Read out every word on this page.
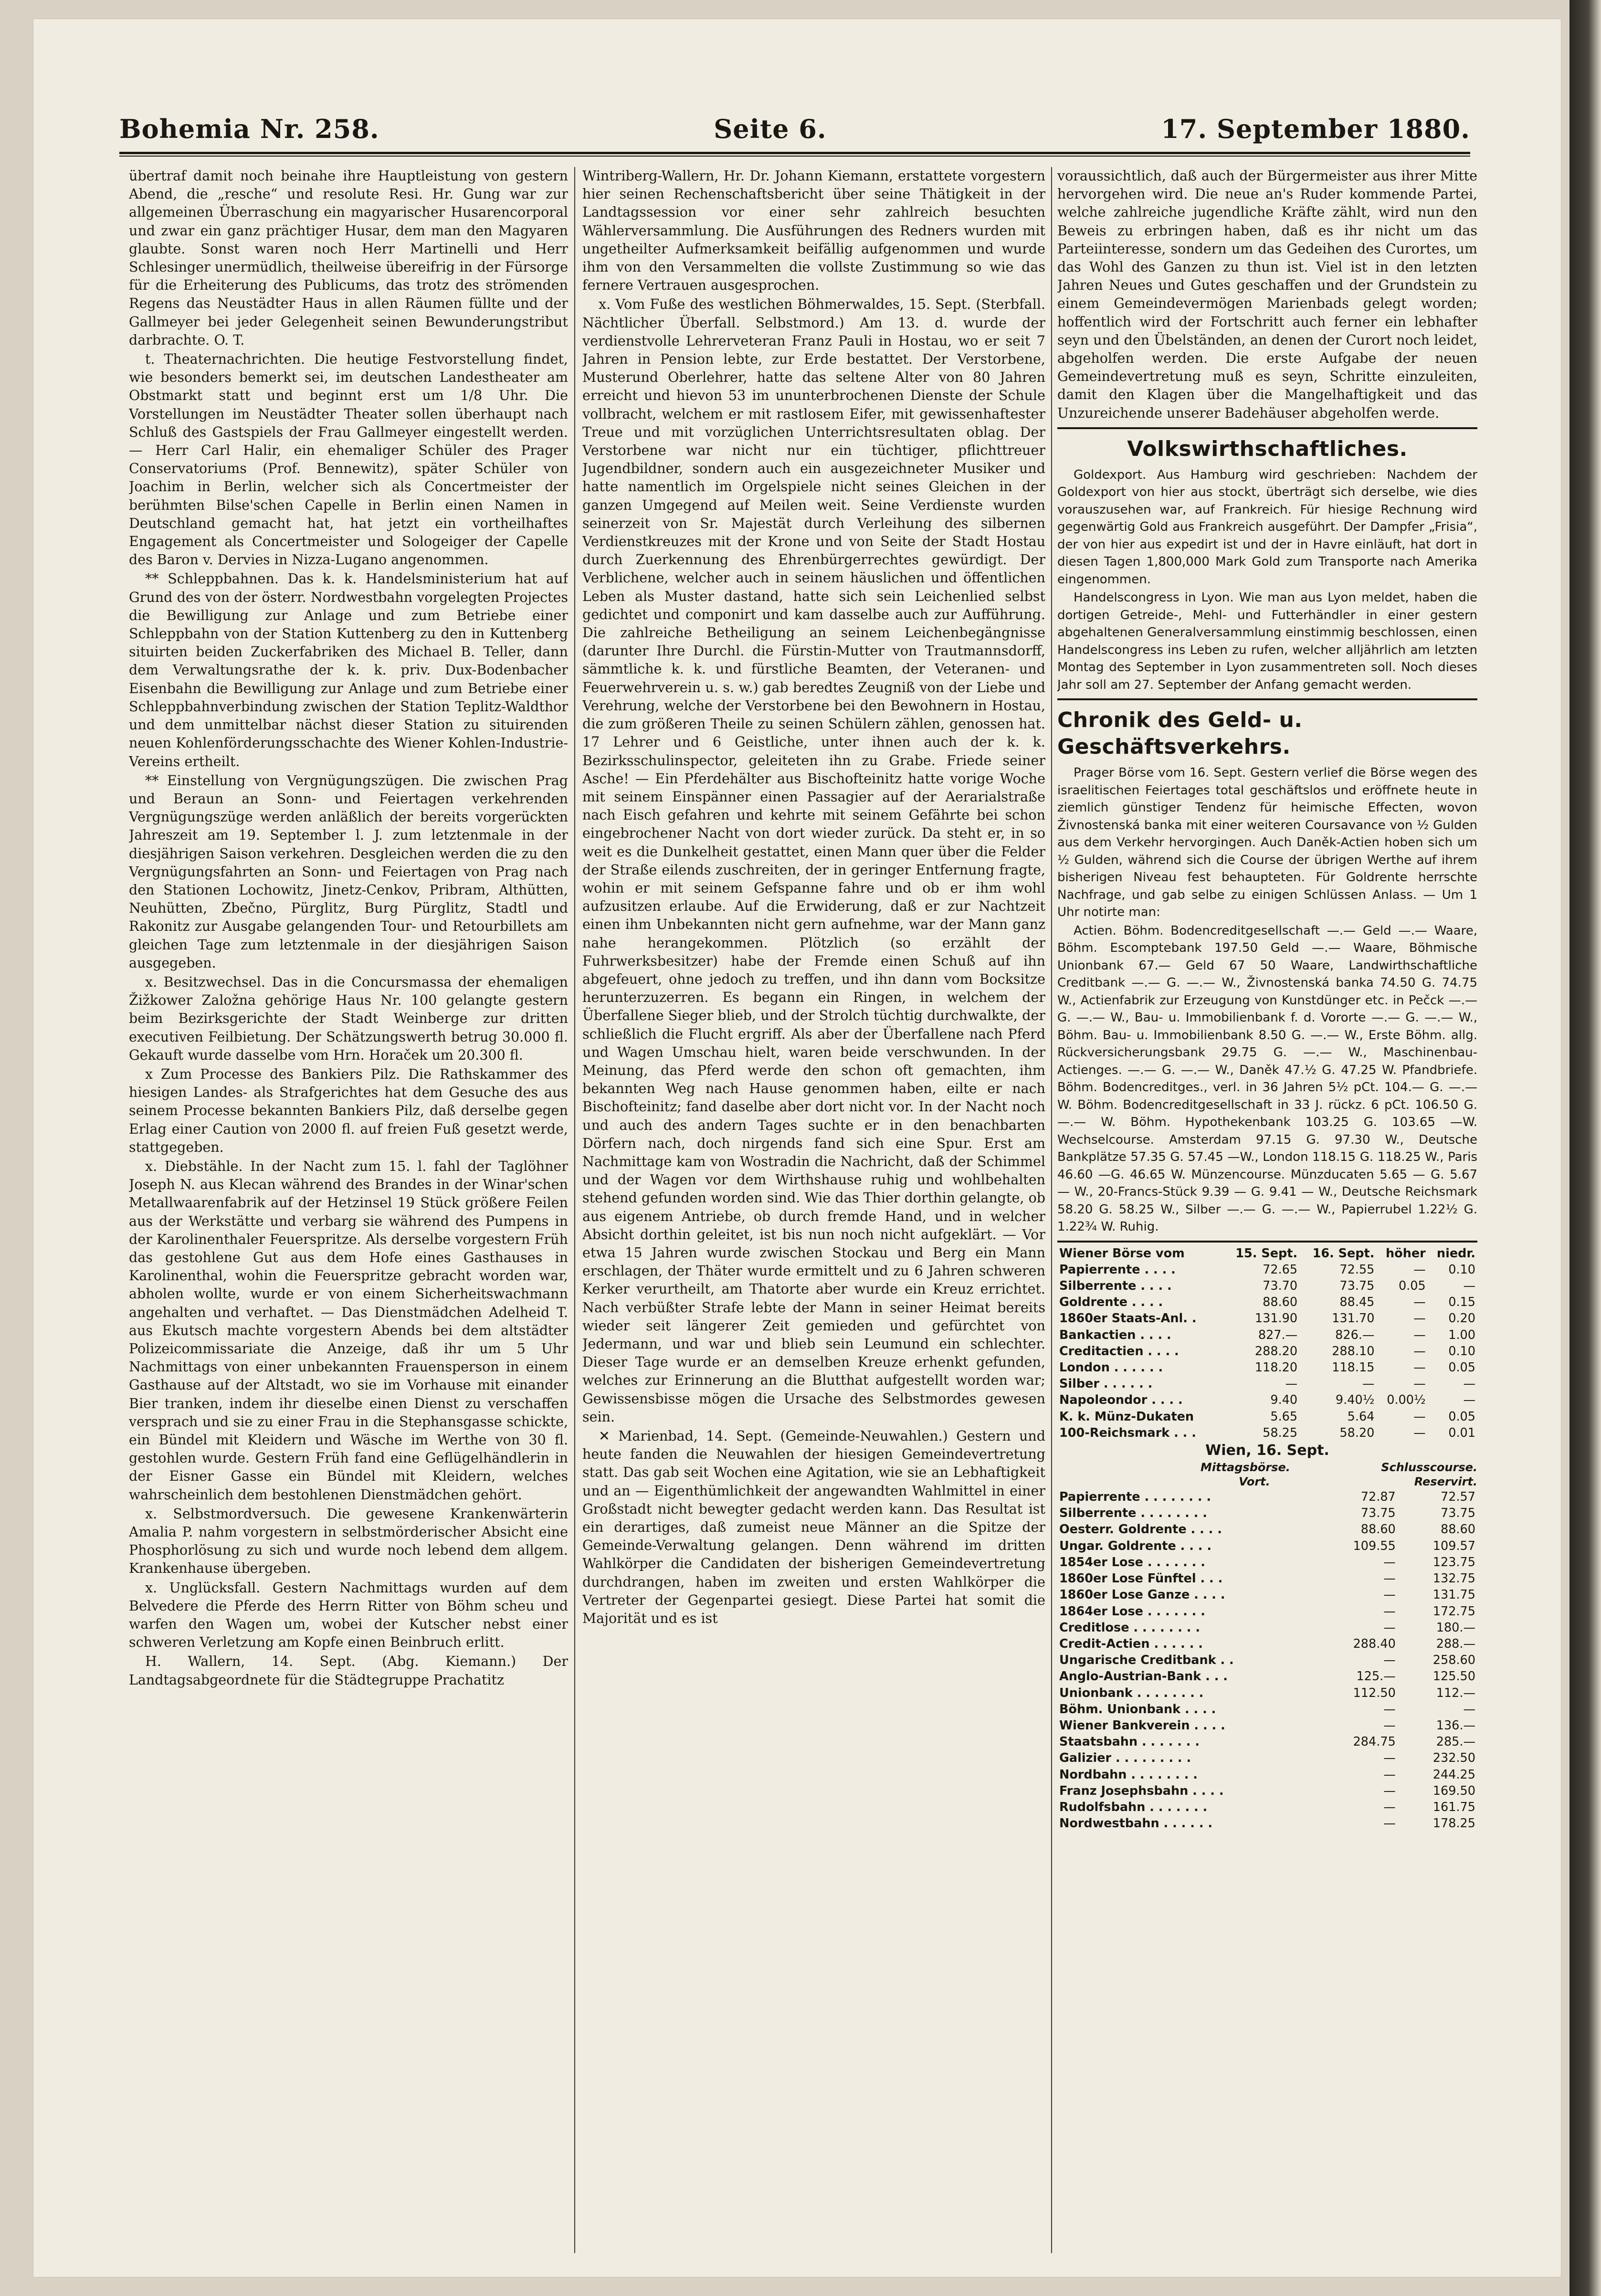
Bohemia Nr. 258.	Seite 6.	17. September 1880.

übertraf damit noch beinahe ihre Hauptleistung von gestern Abend, die „resche“ und resolute Resi. Hr. Gung war zur allgemeinen Überraschung ein magyarischer Husarencorporal und zwar ein ganz prächtiger Husar, dem man den Magyaren glaubte. Sonst waren noch Herr Martinelli und Herr Schlesinger unermüdlich, theilweise übereifrig in der Fürsorge für die Erheiterung des Publicums, das trotz des strömenden Regens das Neustädter Haus in allen Räumen füllte und der Gallmeyer bei jeder Gelegenheit seinen Bewunderungstribut darbrachte. O. T.

t. Theaternachrichten. Die heutige Festvorstellung findet, wie besonders bemerkt sei, im deutschen Landestheater am Obstmarkt statt und beginnt erst um 1/8 Uhr. Die Vorstellungen im Neustädter Theater sollen überhaupt nach Schluß des Gastspiels der Frau Gallmeyer eingestellt werden. — Herr Carl Halir, ein ehemaliger Schüler des Prager Conservatoriums (Prof. Bennewitz), später Schüler von Joachim in Berlin, welcher sich als Concertmeister der berühmten Bilse'schen Capelle in Berlin einen Namen in Deutschland gemacht hat, hat jetzt ein vortheilhaftes Engagement als Concertmeister und Sologeiger der Capelle des Baron v. Dervies in Nizza-Lugano angenommen.

** Schleppbahnen. Das k. k. Handelsministerium hat auf Grund des von der österr. Nordwestbahn vorgelegten Projectes die Bewilligung zur Anlage und zum Betriebe einer Schleppbahn von der Station Kuttenberg zu den in Kuttenberg situirten beiden Zuckerfabriken des Michael B. Teller, dann dem Verwaltungsrathe der k. k. priv. Dux-Bodenbacher Eisenbahn die Bewilligung zur Anlage und zum Betriebe einer Schleppbahnverbindung zwischen der Station Teplitz-Waldthor und dem unmittelbar nächst dieser Station zu situirenden neuen Kohlenförderungsschachte des Wiener Kohlen-Industrie-Vereins ertheilt.

** Einstellung von Vergnügungszügen. Die zwischen Prag und Beraun an Sonn- und Feiertagen verkehrenden Vergnügungszüge werden anläßlich der bereits vorgerückten Jahreszeit am 19. September l. J. zum letztenmale in der diesjährigen Saison verkehren. Desgleichen werden die zu den Vergnügungsfahrten an Sonn- und Feiertagen von Prag nach den Stationen Lochowitz, Jinetz-Cenkov, Pribram, Althütten, Neuhütten, Zbečno, Pürglitz, Burg Pürglitz, Stadtl und Rakonitz zur Ausgabe gelangenden Tour- und Retourbillets am gleichen Tage zum letztenmale in der diesjährigen Saison ausgegeben.

x. Besitzwechsel. Das in die Concursmassa der ehemaligen Žižkower Založna gehörige Haus Nr. 100 gelangte gestern beim Bezirksgerichte der Stadt Weinberge zur dritten executiven Feilbietung. Der Schätzungswerth betrug 30.000 fl. Gekauft wurde dasselbe vom Hrn. Horaček um 20.300 fl.

x Zum Processe des Bankiers Pilz. Die Rathskammer des hiesigen Landes- als Strafgerichtes hat dem Gesuche des aus seinem Processe bekannten Bankiers Pilz, daß derselbe gegen Erlag einer Caution von 2000 fl. auf freien Fuß gesetzt werde, stattgegeben.

x. Diebstähle. In der Nacht zum 15. l. fahl der Taglöhner Joseph N. aus Klecan während des Brandes in der Winar'schen Metallwaarenfabrik auf der Hetzinsel 19 Stück größere Feilen aus der Werkstätte und verbarg sie während des Pumpens in der Karolinenthaler Feuerspritze. Als derselbe vorgestern Früh das gestohlene Gut aus dem Hofe eines Gasthauses in Karolinenthal, wohin die Feuerspritze gebracht worden war, abholen wollte, wurde er von einem Sicherheitswachmann angehalten und verhaftet. — Das Dienstmädchen Adelheid T. aus Ekutsch machte vorgestern Abends bei dem altstädter Polizeicommissariate die Anzeige, daß ihr um 5 Uhr Nachmittags von einer unbekannten Frauensperson in einem Gasthause auf der Altstadt, wo sie im Vorhause mit einander Bier tranken, indem ihr dieselbe einen Dienst zu verschaffen versprach und sie zu einer Frau in die Stephansgasse schickte, ein Bündel mit Kleidern und Wäsche im Werthe von 30 fl. gestohlen wurde. Gestern Früh fand eine Geflügelhändlerin in der Eisner Gasse ein Bündel mit Kleidern, welches wahrscheinlich dem bestohlenen Dienstmädchen gehört.

x. Selbstmordversuch. Die gewesene Krankenwärterin Amalia P. nahm vorgestern in selbstmörderischer Absicht eine Phosphorlösung zu sich und wurde noch lebend dem allgem. Krankenhause übergeben.

x. Unglücksfall. Gestern Nachmittags wurden auf dem Belvedere die Pferde des Herrn Ritter von Böhm scheu und warfen den Wagen um, wobei der Kutscher nebst einer schweren Verletzung am Kopfe einen Beinbruch erlitt.

H. Wallern, 14. Sept. (Abg. Kiemann.) Der Landtagsabgeordnete für die Städtegruppe Prachatitz

Wintriberg-Wallern, Hr. Dr. Johann Kiemann, erstattete vorgestern hier seinen Rechenschaftsbericht über seine Thätigkeit in der Landtagssession vor einer sehr zahlreich besuchten Wählerversammlung. Die Ausführungen des Redners wurden mit ungetheilter Aufmerksamkeit beifällig aufgenommen und wurde ihm von den Versammelten die vollste Zustimmung so wie das fernere Vertrauen ausgesprochen.

x. Vom Fuße des westlichen Böhmerwaldes, 15. Sept. (Sterbfall. Nächtlicher Überfall. Selbstmord.) Am 13. d. wurde der verdienstvolle Lehrerveteran Franz Pauli in Hostau, wo er seit 7 Jahren in Pension lebte, zur Erde bestattet. Der Verstorbene, Musterund Oberlehrer, hatte das seltene Alter von 80 Jahren erreicht und hievon 53 im ununterbrochenen Dienste der Schule vollbracht, welchem er mit rastlosem Eifer, mit gewissenhaftester Treue und mit vorzüglichen Unterrichtsresultaten oblag. Der Verstorbene war nicht nur ein tüchtiger, pflichttreuer Jugendbildner, sondern auch ein ausgezeichneter Musiker und hatte namentlich im Orgelspiele nicht seines Gleichen in der ganzen Umgegend auf Meilen weit. Seine Verdienste wurden seinerzeit von Sr. Majestät durch Verleihung des silbernen Verdienstkreuzes mit der Krone und von Seite der Stadt Hostau durch Zuerkennung des Ehrenbürgerrechtes gewürdigt. Der Verblichene, welcher auch in seinem häuslichen und öffentlichen Leben als Muster dastand, hatte sich sein Leichenlied selbst gedichtet und componirt und kam dasselbe auch zur Aufführung. Die zahlreiche Betheiligung an seinem Leichenbegängnisse (darunter Ihre Durchl. die Fürstin-Mutter von Trautmannsdorff, sämmtliche k. k. und fürstliche Beamten, der Veteranen- und Feuerwehrverein u. s. w.) gab beredtes Zeugniß von der Liebe und Verehrung, welche der Verstorbene bei den Bewohnern in Hostau, die zum größeren Theile zu seinen Schülern zählen, genossen hat. 17 Lehrer und 6 Geistliche, unter ihnen auch der k. k. Bezirksschulinspector, geleiteten ihn zu Grabe. Friede seiner Asche! — Ein Pferdehälter aus Bischofteinitz hatte vorige Woche mit seinem Einspänner einen Passagier auf der Aerarialstraße nach Eisch gefahren und kehrte mit seinem Gefährte bei schon eingebrochener Nacht von dort wieder zurück. Da steht er, in so weit es die Dunkelheit gestattet, einen Mann quer über die Felder der Straße eilends zuschreiten, der in geringer Entfernung fragte, wohin er mit seinem Gefspanne fahre und ob er ihm wohl aufzusitzen erlaube. Auf die Erwiderung, daß er zur Nachtzeit einen ihm Unbekannten nicht gern aufnehme, war der Mann ganz nahe herangekommen. Plötzlich (so erzählt der Fuhrwerksbesitzer) habe der Fremde einen Schuß auf ihn abgefeuert, ohne jedoch zu treffen, und ihn dann vom Bocksitze herunterzuzerren. Es begann ein Ringen, in welchem der Überfallene Sieger blieb, und der Strolch tüchtig durchwalkte, der schließlich die Flucht ergriff. Als aber der Überfallene nach Pferd und Wagen Umschau hielt, waren beide verschwunden. In der Meinung, das Pferd werde den schon oft gemachten, ihm bekannten Weg nach Hause genommen haben, eilte er nach Bischofteinitz; fand daselbe aber dort nicht vor. In der Nacht noch und auch des andern Tages suchte er in den benachbarten Dörfern nach, doch nirgends fand sich eine Spur. Erst am Nachmittage kam von Wostradin die Nachricht, daß der Schimmel und der Wagen vor dem Wirthshause ruhig und wohlbehalten stehend gefunden worden sind. Wie das Thier dorthin gelangte, ob aus eigenem Antriebe, ob durch fremde Hand, und in welcher Absicht dorthin geleitet, ist bis nun noch nicht aufgeklärt. — Vor etwa 15 Jahren wurde zwischen Stockau und Berg ein Mann erschlagen, der Thäter wurde ermittelt und zu 6 Jahren schweren Kerker verurtheilt, am Thatorte aber wurde ein Kreuz errichtet. Nach verbüßter Strafe lebte der Mann in seiner Heimat bereits wieder seit längerer Zeit gemieden und gefürchtet von Jedermann, und war und blieb sein Leumund ein schlechter. Dieser Tage wurde er an demselben Kreuze erhenkt gefunden, welches zur Erinnerung an die Blutthat aufgestellt worden war; Gewissensbisse mögen die Ursache des Selbstmordes gewesen sein.

✕ Marienbad, 14. Sept. (Gemeinde-Neuwahlen.) Gestern und heute fanden die Neuwahlen der hiesigen Gemeindevertretung statt. Das gab seit Wochen eine Agitation, wie sie an Lebhaftigkeit und an — Eigenthümlichkeit der angewandten Wahlmittel in einer Großstadt nicht bewegter gedacht werden kann. Das Resultat ist ein derartiges, daß zumeist neue Männer an die Spitze der Gemeinde-Verwaltung gelangen. Denn während im dritten Wahlkörper die Candidaten der bisherigen Gemeindevertretung durchdrangen, haben im zweiten und ersten Wahlkörper die Vertreter der Gegenpartei gesiegt. Diese Partei hat somit die Majorität und es ist

voraussichtlich, daß auch der Bürgermeister aus ihrer Mitte hervorgehen wird. Die neue an's Ruder kommende Partei, welche zahlreiche jugendliche Kräfte zählt, wird nun den Beweis zu erbringen haben, daß es ihr nicht um das Parteiinteresse, sondern um das Gedeihen des Curortes, um das Wohl des Ganzen zu thun ist. Viel ist in den letzten Jahren Neues und Gutes geschaffen und der Grundstein zu einem Gemeindevermögen Marienbads gelegt worden; hoffentlich wird der Fortschritt auch ferner ein lebhafter seyn und den Übelständen, an denen der Curort noch leidet, abgeholfen werden. Die erste Aufgabe der neuen Gemeindevertretung muß es seyn, Schritte einzuleiten, damit den Klagen über die Mangelhaftigkeit und das Unzureichende unserer Badehäuser abgeholfen werde.

Volkswirthschaftliches.

Goldexport. Aus Hamburg wird geschrieben: Nachdem der Goldexport von hier aus stockt, überträgt sich derselbe, wie dies vorauszusehen war, auf Frankreich. Für hiesige Rechnung wird gegenwärtig Gold aus Frankreich ausgeführt. Der Dampfer „Frisia“, der von hier aus expedirt ist und der in Havre einläuft, hat dort in diesen Tagen 1,800,000 Mark Gold zum Transporte nach Amerika eingenommen.

Handelscongress in Lyon. Wie man aus Lyon meldet, haben die dortigen Getreide-, Mehl- und Futterhändler in einer gestern abgehaltenen Generalversammlung einstimmig beschlossen, einen Handelscongress ins Leben zu rufen, welcher alljährlich am letzten Montag des September in Lyon zusammentreten soll. Noch dieses Jahr soll am 27. September der Anfang gemacht werden.

Chronik des Geld- u. Geschäftsverkehrs.

Prager Börse vom 16. Sept. Gestern verlief die Börse wegen des israelitischen Feiertages total geschäftslos und eröffnete heute in ziemlich günstiger Tendenz für heimische Effecten, wovon Živnostenská banka mit einer weiteren Coursavance von ½ Gulden aus dem Verkehr hervorgingen. Auch Daněk-Actien hoben sich um ½ Gulden, während sich die Course der übrigen Werthe auf ihrem bisherigen Niveau fest behaupteten. Für Goldrente herrschte Nachfrage, und gab selbe zu einigen Schlüssen Anlass. — Um 1 Uhr notirte man:

Actien. Böhm. Bodencreditgesellschaft —.— Geld —.— Waare, Böhm. Escomptebank 197.50 Geld —.— Waare, Böhmische Unionbank 67.— Geld 67 50 Waare, Landwirthschaftliche Creditbank —.— G. —.— W., Živnostenská banka 74.50 G. 74.75 W., Actienfabrik zur Erzeugung von Kunstdünger etc. in Pečck —.— G. —.— W., Bau- u. Immobilienbank f. d. Vororte —.— G. —.— W., Böhm. Bau- u. Immobilienbank 8.50 G. —.— W., Erste Böhm. allg. Rückversicherungsbank 29.75 G. —.— W., Maschinenbau-Actienges. —.— G. —.— W., Daněk 47.½ G. 47.25 W. Pfandbriefe. Böhm. Bodencreditges., verl. in 36 Jahren 5½ pCt. 104.— G. —.— W. Böhm. Bodencreditgesellschaft in 33 J. rückz. 6 pCt. 106.50 G. —.— W. Böhm. Hypothekenbank 103.25 G. 103.65 —W. Wechselcourse. Amsterdam 97.15 G. 97.30 W., Deutsche Bankplätze 57.35 G. 57.45 —W., London 118.15 G. 118.25 W., Paris 46.60 —G. 46.65 W. Münzencourse. Münzducaten 5.65 — G. 5.67 — W., 20-Francs-Stück 9.39 — G. 9.41 — W., Deutsche Reichsmark 58.20 G. 58.25 W., Silber —.— G. —.— W., Papierrubel 1.22½ G. 1.22¾ W. Ruhig.

Wiener Börse vom	15. Sept.	16. Sept.	höher	niedr.
Papierrente . . . .	72.65	72.55	—	0.10
Silberrente . . . .	73.70	73.75	0.05	—
Goldrente . . . .	88.60	88.45	—	0.15
1860er Staats-Anl. .	131.90	131.70	—	0.20
Bankactien . . . .	827.—	826.—	—	1.00
Creditactien . . . .	288.20	288.10	—	0.10
London . . . . . .	118.20	118.15	—	0.05
Silber . . . . . .	—	—	—	—
Napoleondor . . . .	9.40	9.40½	0.00½	—
K. k. Münz-Dukaten	5.65	5.64	—	0.05
100-Reichsmark . . .	58.25	58.20	—	0.01
Wien, 16. Sept.
Mittagsbörse.	Schlusscourse.
Vort.	Reservirt.
Papierrente . . . . . . . .	72.87	72.57
Silberrente . . . . . . . .	73.75	73.75
Oesterr. Goldrente . . . .	88.60	88.60
Ungar. Goldrente . . . .	109.55	109.57
1854er Lose . . . . . . .	—	123.75
1860er Lose Fünftel . . .	—	132.75
1860er Lose Ganze . . . .	—	131.75
1864er Lose . . . . . . .	—	172.75
Creditlose . . . . . . . .	—	180.—
Credit-Actien . . . . . .	288.40	288.—
Ungarische Creditbank . .	—	258.60
Anglo-Austrian-Bank . . .	125.—	125.50
Unionbank . . . . . . . .	112.50	112.—
Böhm. Unionbank . . . .	—	—
Wiener Bankverein . . . .	—	136.—
Staatsbahn . . . . . . .	284.75	285.—
Galizier . . . . . . . . .	—	232.50
Nordbahn . . . . . . . .	—	244.25
Franz Josephsbahn . . . .	—	169.50
Rudolfsbahn . . . . . . .	—	161.75
Nordwestbahn . . . . . .	—	178.25
